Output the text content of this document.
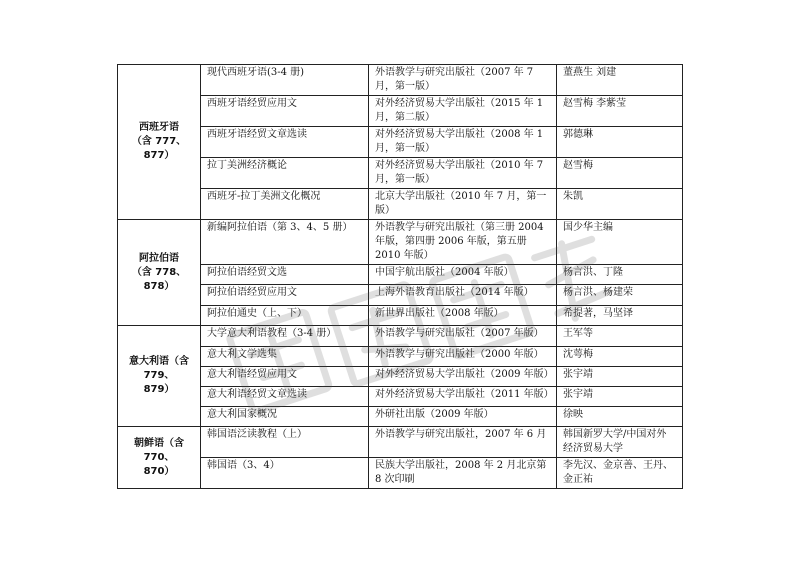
西班牙语
（含 777、877）	现代西班牙语(3-4 册)	外语教学与研究出版社（2007 年 7 月，第一版）	董燕生 刘建
	西班牙语经贸应用文	对外经济贸易大学出版社（2015 年 1 月，第二版）	赵雪梅 李紫莹
	西班牙语经贸文章选读	对外经济贸易大学出版社（2008 年 1 月，第一版）	郭德琳
	拉丁美洲经济概论	对外经济贸易大学出版社（2010 年 7 月，第一版）	赵雪梅
	西班牙-拉丁美洲文化概况	北京大学出版社（2010 年 7 月，第一版）	朱凯

阿拉伯语
（含 778、878）	新编阿拉伯语（第 3、4、5 册）	外语教学与研究出版社（第三册 2004 年版，第四册 2006 年版，第五册 2010 年版）	国少华主编
	阿拉伯语经贸文选	中国宇航出版社（2004 年版）	杨言洪、丁隆
	阿拉伯语经贸应用文	上海外语教育出版社（2014 年版）	杨言洪、杨建荣
	阿拉伯通史（上、下）	新世界出版社（2008 年版）	希提著，马坚译

意大利语（含 779、
879）	大学意大利语教程（3-4 册）	外语教学与研究出版社（2007 年版）	王军等
	意大利文学选集	外语教学与研究出版社（2000 年版）	沈萼梅
	意大利语经贸应用文	对外经济贸易大学出版社（2009 年版）	张宇靖
	意大利语经贸文章选读	对外经济贸易大学出版社（2011 年版）	张宇靖
	意大利国家概况	外研社出版（2009 年版）	徐映

朝鲜语（含 770、
870）	韩国语泛读教程（上）	外语教学与研究出版社，2007 年 6 月	韩国新罗大学/中国对外经济贸易大学
	韩国语（3、4）	民族大学出版社，2008 年 2 月北京第 8 次印刷	李先汉、金京善、王丹、金正祐
